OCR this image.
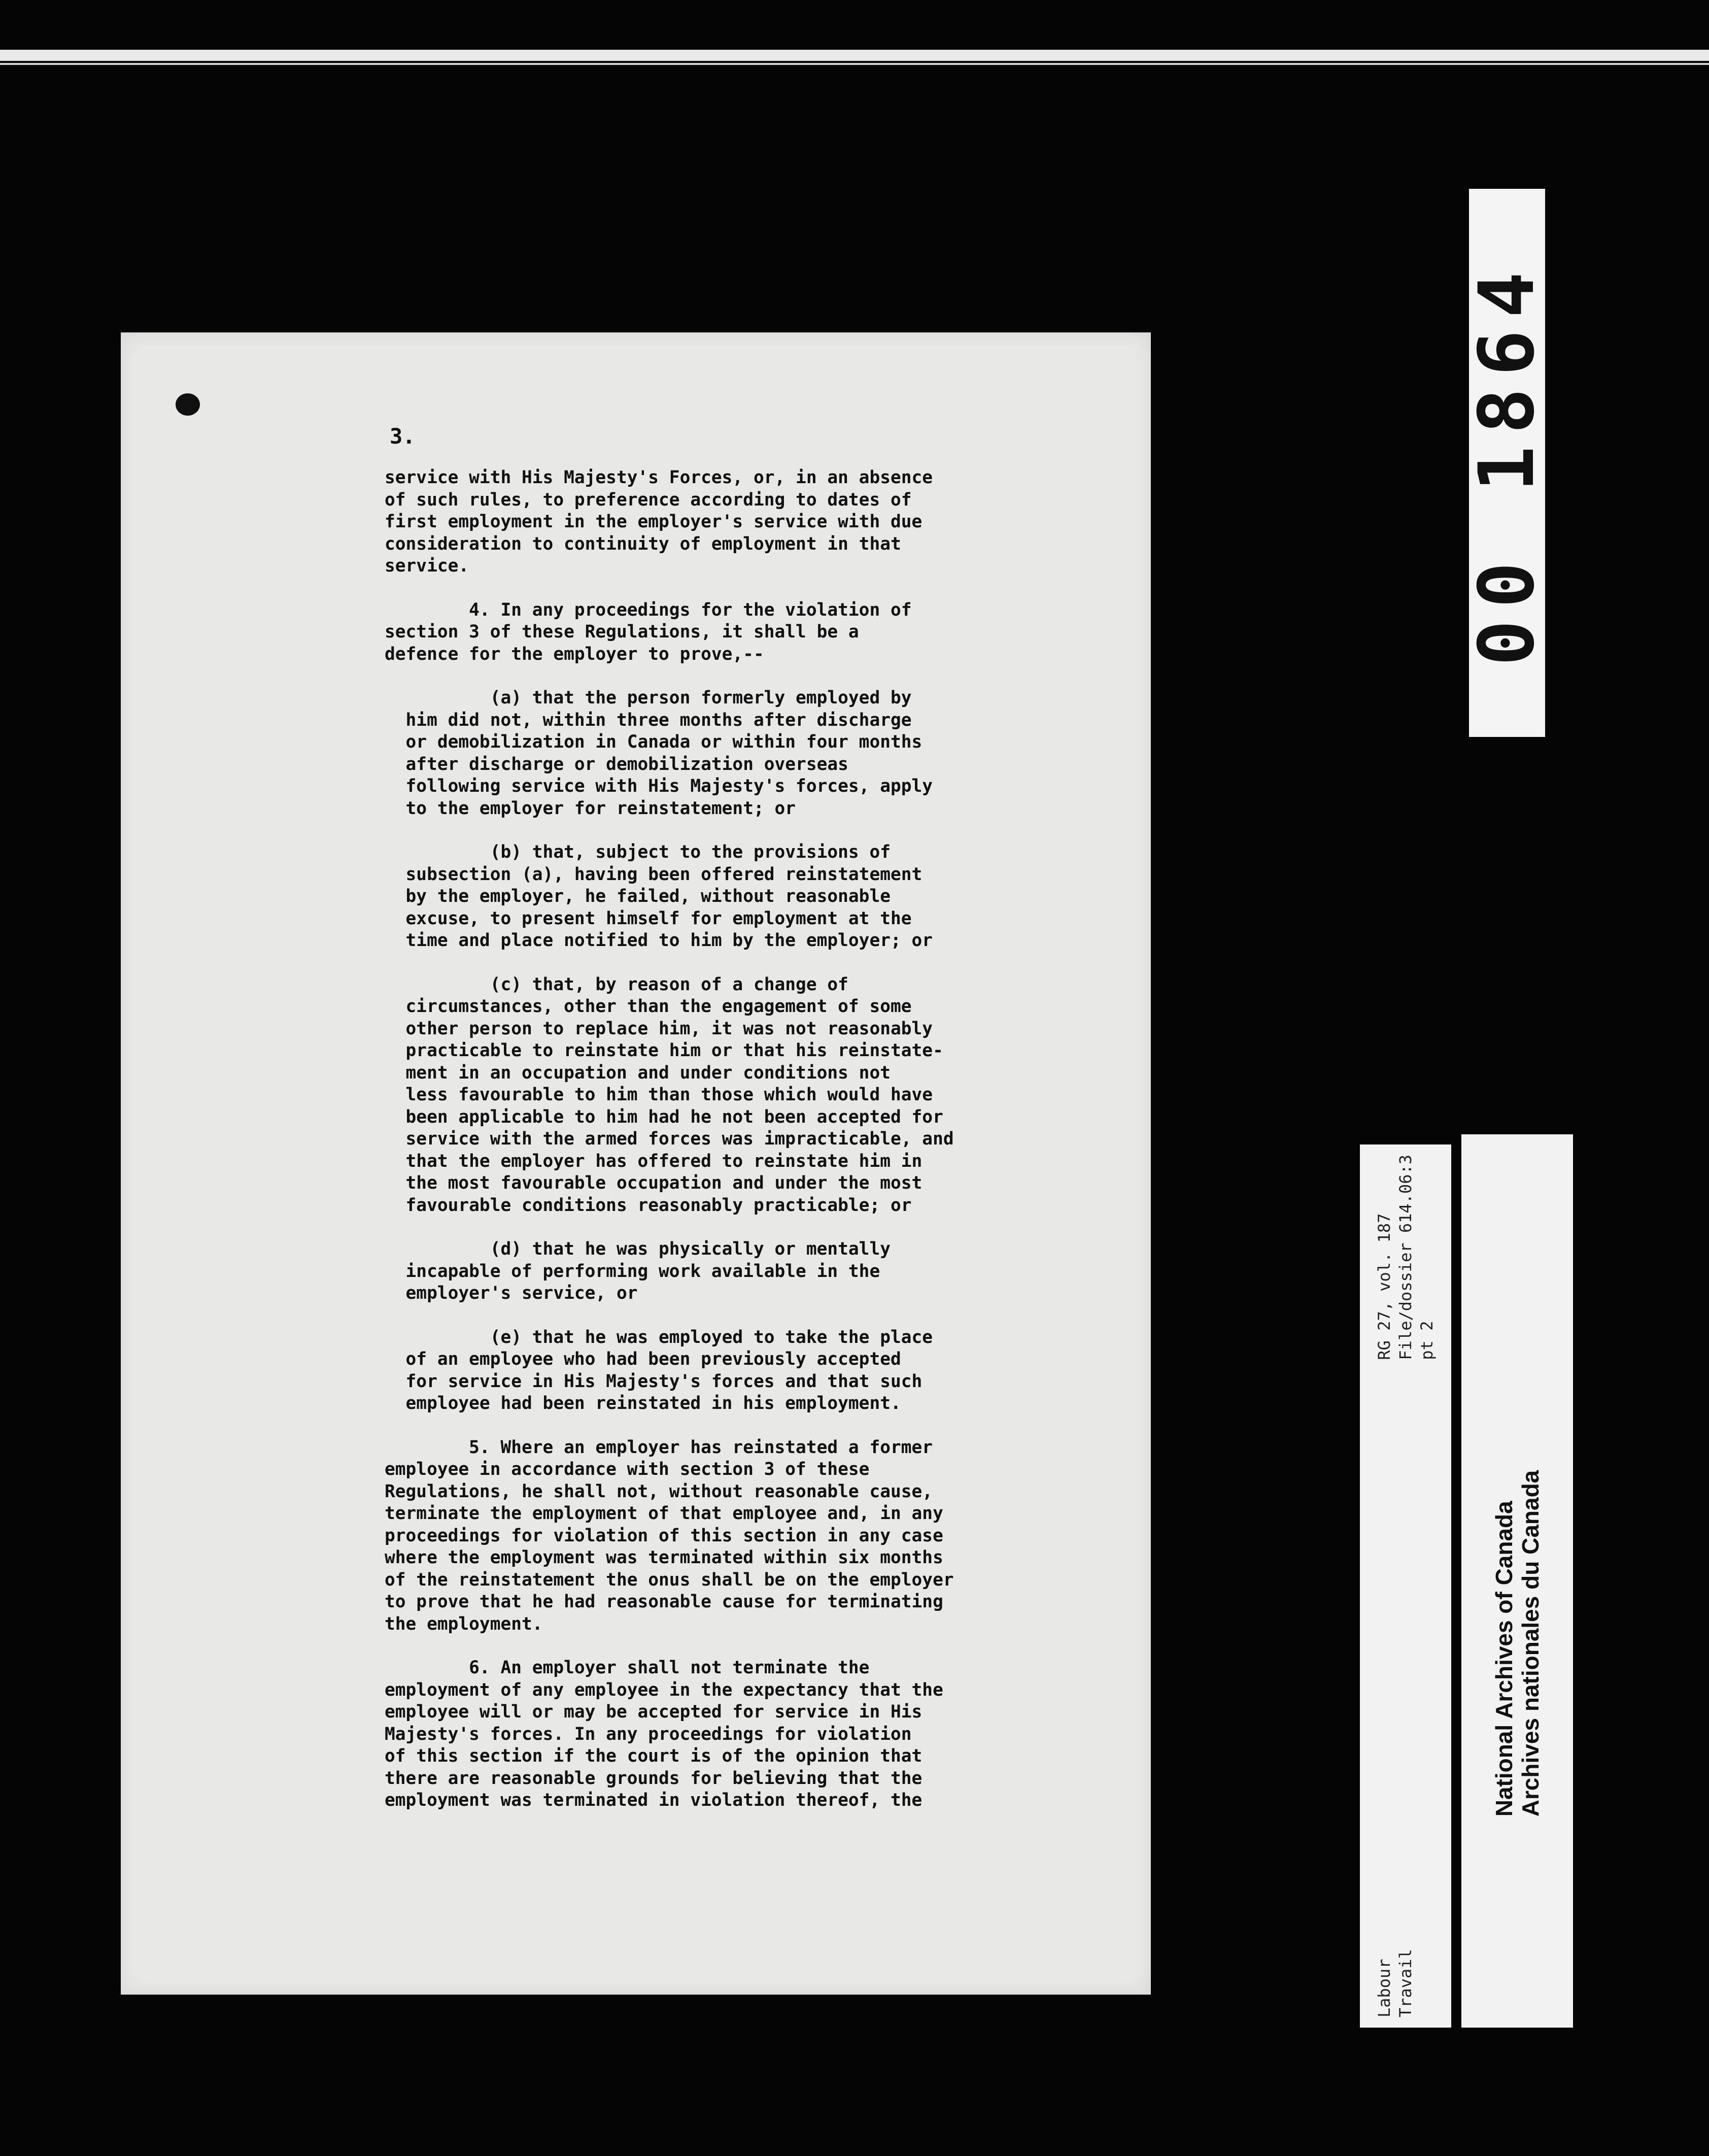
3.

service with His Majesty's Forces, or, in an absence

of such rules, to preference according to dates of

first employment in the employer's service with due

consideration to continuity of employment in that

service.

4. In any proceedings for the violation of

section 3 of these Regulations, it shall be a

defence for the employer to prove,--

(a) that the person formerly employed by

him did not, within three months after discharge

or demobilization in Canada or within four months

after discharge or demobilization overseas

following service with His Majesty's forces, apply

to the employer for reinstatement; or

(b) that, subject to the provisions of

subsection (a), having been offered reinstatement

by the employer, he failed, without reasonable

excuse, to present himself for employment at the

time and place notified to him by the employer; or

(c) that, by reason of a change of

circumstances, other than the engagement of some

other person to replace him, it was not reasonably

practicable to reinstate him or that his reinstate-

ment in an occupation and under conditions not

less favourable to him than those which would have

been applicable to him had he not been accepted for

service with the armed forces was impracticable, and

that the employer has offered to reinstate him in

the most favourable occupation and under the most

favourable conditions reasonably practicable; or

(d) that he was physically or mentally

incapable of performing work available in the

employer's service, or

(e) that he was employed to take the place

of an employee who had been previously accepted

for service in His Majesty's forces and that such

employee had been reinstated in his employment.

5. Where an employer has reinstated a former

employee in accordance with section 3 of these

Regulations, he shall not, without reasonable cause,

terminate the employment of that employee and, in any

proceedings for violation of this section in any case

where the employment was terminated within six months

of the reinstatement the onus shall be on the employer

to prove that he had reasonable cause for terminating

the employment.

6. An employer shall not terminate the

employment of any employee in the expectancy that the

employee will or may be accepted for service in His

Majesty's forces. In any proceedings for violation

of this section if the court is of the opinion that

there are reasonable grounds for believing that the

employment was terminated in violation thereof, the

00 1864
Labour
Travail
RG 27, vol. 187
File/dossier 614.06:3
pt 2
National Archives of Canada Archives nationales du Canada
